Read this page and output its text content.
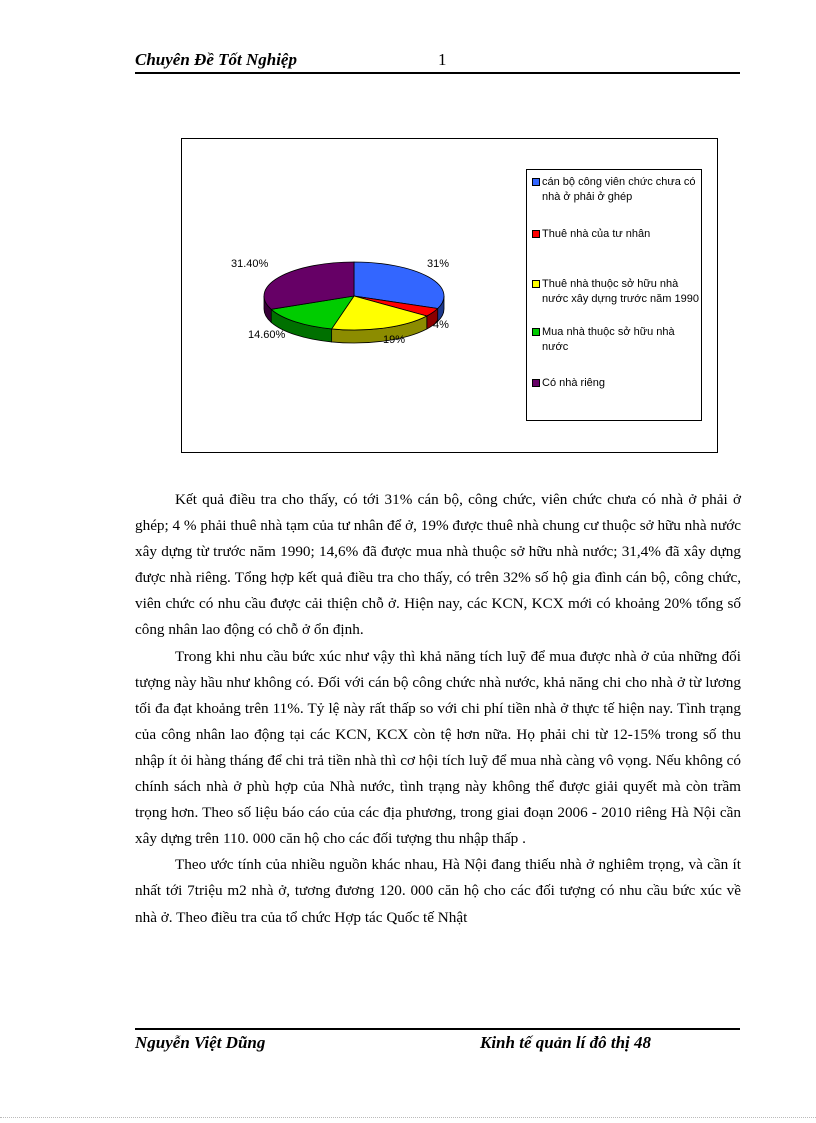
Chuyên Đề Tốt Nghiệp	1
31%
4%
19%
14.60%
31.40%
cán bộ công viên chức chưa có nhà ở phải ở ghép
Thuê nhà của tư nhân
Thuê nhà thuộc sở hữu nhà nước xây dựng trước năm 1990
Mua nhà thuộc sở hữu nhà nước
Có nhà riêng

Kết quả điều tra cho thấy, có tới 31% cán bộ, công chức, viên chức chưa có nhà ở phải ở ghép; 4 % phải thuê nhà tạm của tư nhân để ở, 19% được thuê nhà chung cư thuộc sở hữu nhà nước xây dựng từ trước năm 1990; 14,6% đã được mua nhà thuộc sở hữu nhà nước; 31,4% đã xây dựng được nhà riêng. Tổng hợp kết quả điều tra cho thấy, có trên 32% số hộ gia đình cán bộ, công chức, viên chức có nhu cầu được cải thiện chỗ ở. Hiện nay, các KCN, KCX mới có khoảng 20% tổng số công nhân lao động có chỗ ở ổn định.

Trong khi nhu cầu bức xúc như vậy thì khả năng tích luỹ để mua được nhà ở của những đối tượng này hầu như không có. Đối với cán bộ công chức nhà nước, khả năng chi cho nhà ở từ lương tối đa đạt khoảng trên 11%. Tỷ lệ này rất thấp so với chi phí tiền nhà ở thực tế hiện nay. Tình trạng của công nhân lao động tại các KCN, KCX còn tệ hơn nữa. Họ phải chi từ 12-15% trong số thu nhập ít ỏi hàng tháng để chi trả tiền nhà thì cơ hội tích luỹ để mua nhà càng vô vọng. Nếu không có chính sách nhà ở phù hợp của Nhà nước, tình trạng này không thể được giải quyết mà còn trầm trọng hơn. Theo số liệu báo cáo của các địa phương, trong giai đoạn 2006 - 2010 riêng Hà Nội cần xây dựng trên 110. 000 căn hộ cho các đối tượng thu nhập thấp .

Theo ước tính của nhiều nguồn khác nhau, Hà Nội đang thiếu nhà ở nghiêm trọng, và cần ít nhất tới 7triệu m2 nhà ở, tương đương 120. 000 căn hộ cho các đối tượng có nhu cầu bức xúc về nhà ở. Theo điều tra của tổ chức Hợp tác Quốc tế Nhật

Nguyễn Việt Dũng	Kinh tế quản lí đô thị 48
